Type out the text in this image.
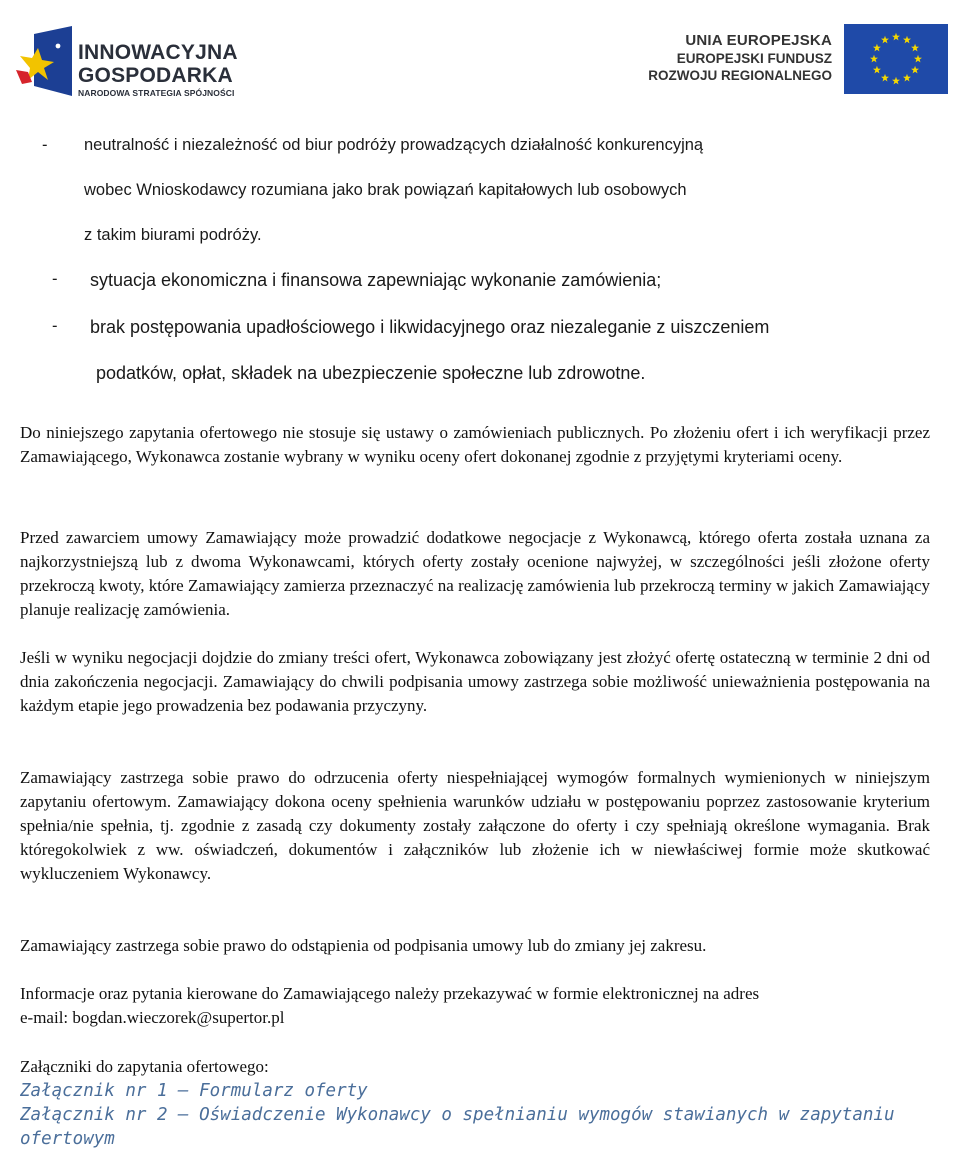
INNOWACYJNA
GOSPODARKA
NARODOWA STRATEGIA SPÓJNOŚCI
UNIA EUROPEJSKA
EUROPEJSKI FUNDUSZ
ROZWOJU REGIONALNEGO
- neutralność i niezależność od biur podróży prowadzących działalność konkurencyjną
wobec Wnioskodawcy rozumiana jako brak powiązań kapitałowych lub osobowych
z takim biurami podróży.
- sytuacja ekonomiczna i finansowa zapewniając wykonanie zamówienia;
- brak postępowania upadłościowego i likwidacyjnego oraz niezaleganie z uiszczeniem
podatków, opłat, składek na ubezpieczenie społeczne lub zdrowotne.

Do niniejszego zapytania ofertowego nie stosuje się ustawy o zamówieniach publicznych. Po złożeniu ofert i ich weryfikacji przez Zamawiającego, Wykonawca zostanie wybrany w wyniku oceny ofert dokonanej zgodnie z przyjętymi kryteriami oceny.

Przed zawarciem umowy Zamawiający może prowadzić dodatkowe negocjacje z Wykonawcą, którego oferta została uznana za najkorzystniejszą lub z dwoma Wykonawcami, których oferty zostały ocenione najwyżej, w szczególności jeśli złożone oferty przekroczą kwoty, które Zamawiający zamierza przeznaczyć na realizację zamówienia lub przekroczą terminy w jakich Zamawiający planuje realizację zamówienia.

Jeśli w wyniku negocjacji dojdzie do zmiany treści ofert, Wykonawca zobowiązany jest złożyć ofertę ostateczną w terminie 2 dni od dnia zakończenia negocjacji. Zamawiający do chwili podpisania umowy zastrzega sobie możliwość unieważnienia postępowania na każdym etapie jego prowadzenia bez podawania przyczyny.

Zamawiający zastrzega sobie prawo do odrzucenia oferty niespełniającej wymogów formalnych wymienionych w niniejszym zapytaniu ofertowym. Zamawiający dokona oceny spełnienia warunków udziału w postępowaniu poprzez zastosowanie kryterium spełnia/nie spełnia, tj. zgodnie z zasadą czy dokumenty zostały załączone do oferty i czy spełniają określone wymagania. Brak któregokolwiek z ww. oświadczeń, dokumentów i załączników lub złożenie ich w niewłaściwej formie może skutkować wykluczeniem Wykonawcy.

Zamawiający zastrzega sobie prawo do odstąpienia od podpisania umowy lub do zmiany jej zakresu.

Informacje oraz pytania kierowane do Zamawiającego należy przekazywać w formie elektronicznej na adres
e-mail: bogdan.wieczorek@supertor.pl
Załączniki do zapytania ofertowego:
Załącznik nr 1 – Formularz oferty
Załącznik nr 2 – Oświadczenie Wykonawcy o spełnianiu wymogów stawianych w zapytaniu
ofertowym
